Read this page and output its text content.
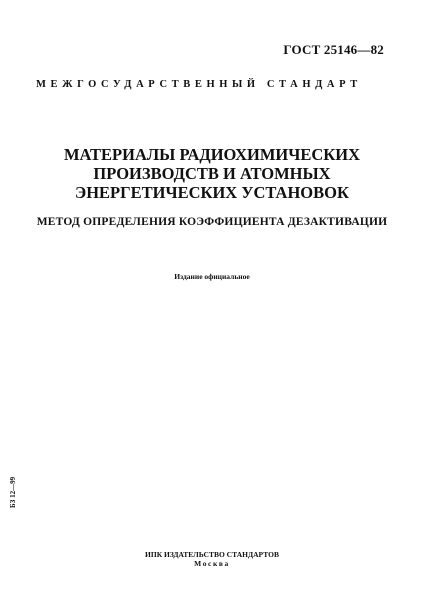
ГОСТ 25146—82
МЕЖГОСУДАРСТВЕННЫЙ СТАНДАРТ
МАТЕРИАЛЫ РАДИОХИМИЧЕСКИХ
ПРОИЗВОДСТВ И АТОМНЫХ
ЭНЕРГЕТИЧЕСКИХ УСТАНОВОК
МЕТОД ОПРЕДЕЛЕНИЯ КОЭФФИЦИЕНТА ДЕЗАКТИВАЦИИ
Издание официальное
БЗ 12—99
ИПК ИЗДАТЕЛЬСТВО СТАНДАРТОВ
Москва
